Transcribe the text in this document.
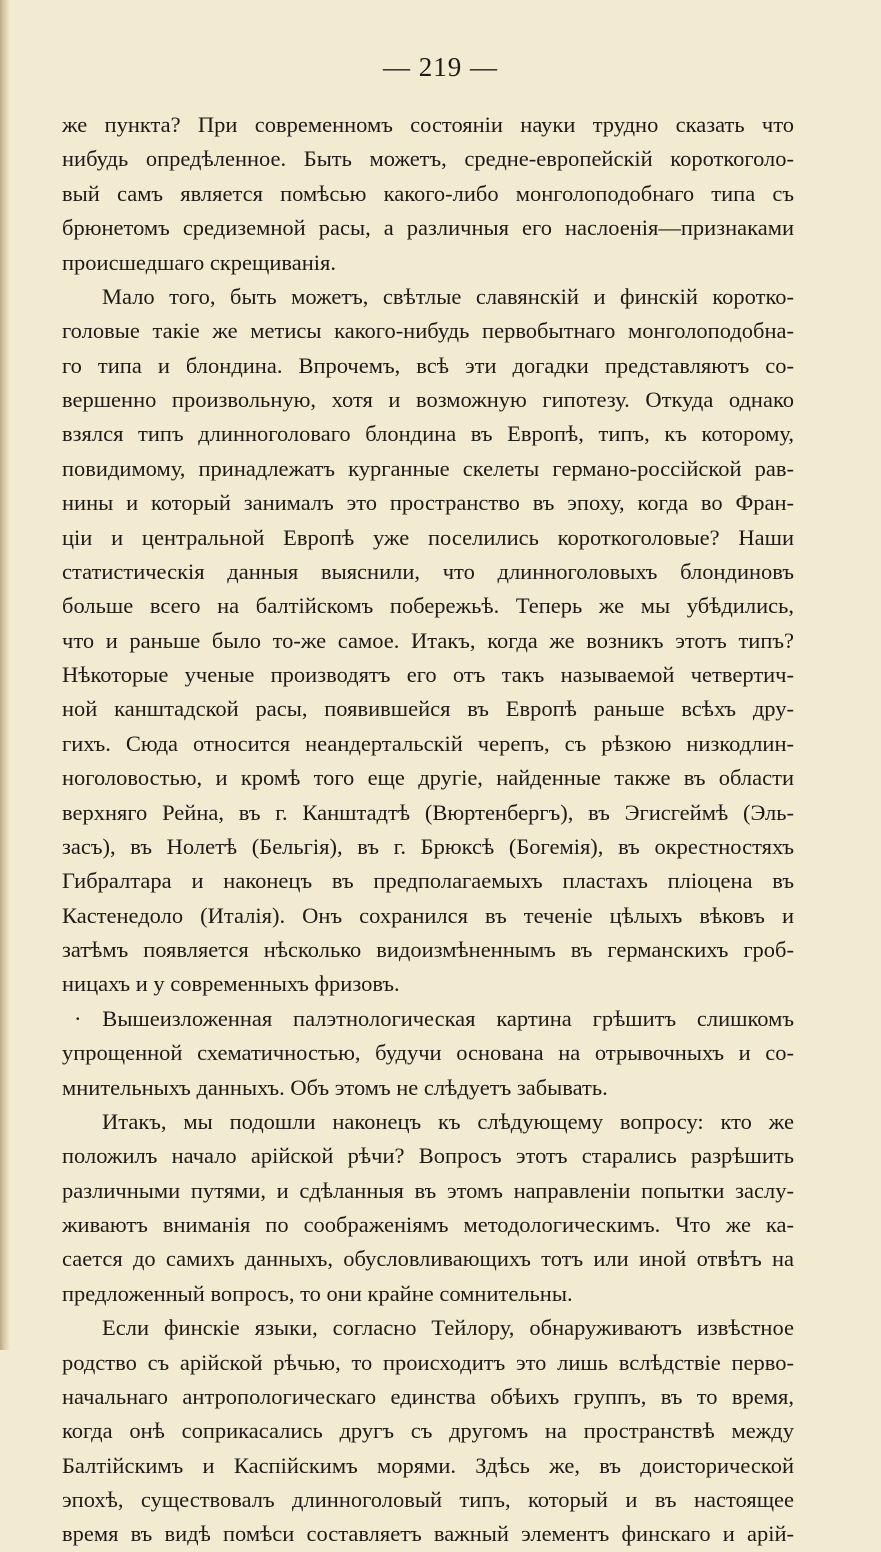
— 219 —
же пункта? При современномъ состоянiи науки трудно сказать что
нибудь опредѣленное. Быть можетъ, средне-европейскiй короткоголо-
вый самъ является помѣсью какого-либо монголоподобнаго типа съ
брюнетомъ средиземной расы, а различныя его наслоенiя—признаками
происшедшаго скрещиванiя.
Мало того, быть можетъ, свѣтлые славянскiй и финскiй коротко-
головые такiе же метисы какого-нибудь первобытнаго монголоподобна-
го типа и блондина. Впрочемъ, всѣ эти догадки представляютъ со-
вершенно произвольную, хотя и возможную гипотезу. Откуда однако
взялся типъ длинноголоваго блондина въ Европѣ, типъ, къ которому,
повидимому, принадлежатъ курганные скелеты германо-россiйской рав-
нины и который занималъ это пространство въ эпоху, когда во Фран-
цiи и центральной Европѣ уже поселились короткоголовые? Наши
статистическiя данныя выяснили, что длинноголовыхъ блондиновъ
больше всего на балтiйскомъ побережьѣ. Теперь же мы убѣдились,
что и раньше было то-же самое. Итакъ, когда же возникъ этотъ типъ?
Нѣкоторые ученые производятъ его отъ такъ называемой четвертич-
ной канштадской расы, появившейся въ Европѣ раньше всѣхъ дру-
гихъ. Сюда относится неандертальскiй черепъ, съ рѣзкою низкодлин-
ноголовостью, и кромѣ того еще другiе, найденные также въ области
верхняго Рейна, въ г. Канштадтѣ (Вюртенбергъ), въ Эгисгеймѣ (Эль-
засъ), въ Нолетѣ (Бельгiя), въ г. Брюксѣ (Богемiя), въ окрестностяхъ
Гибралтара и наконецъ въ предполагаемыхъ пластахъ плiоцена въ
Кастенедоло (Италiя). Онъ сохранился въ теченiе цѣлыхъ вѣковъ и
затѣмъ появляется нѣсколько видоизмѣненнымъ въ германскихъ гроб-
ницахъ и у современныхъ фризовъ.
· Вышеизложенная палэтнологическая картина грѣшитъ слишкомъ
упрощенной схематичностью, будучи основана на отрывочныхъ и со-
мнительныхъ данныхъ. Объ этомъ не слѣдуетъ забывать.
Итакъ, мы подошли наконецъ къ слѣдующему вопросу: кто же
положилъ начало арiйской рѣчи? Вопросъ этотъ старались разрѣшить
различными путями, и сдѣланныя въ этомъ направленiи попытки заслу-
живаютъ вниманiя по соображенiямъ методологическимъ. Что же ка-
сается до самихъ данныхъ, обусловливающихъ тотъ или иной отвѣтъ на
предложенный вопросъ, то они крайне сомнительны.
Если финскiе языки, согласно Тейлору, обнаруживаютъ извѣстное
родство съ арiйской рѣчью, то происходитъ это лишь вслѣдствiе перво-
начальнаго антропологическаго единства обѣихъ группъ, въ то время,
когда онѣ соприкасались другъ съ другомъ на пространствѣ между
Балтiйскимъ и Каспiйскимъ морями. Здѣсь же, въ доисторической
эпохѣ, существовалъ длинноголовый типъ, который и въ настоящее
время въ видѣ помѣси составляетъ важный элементъ финскаго и арiй-
